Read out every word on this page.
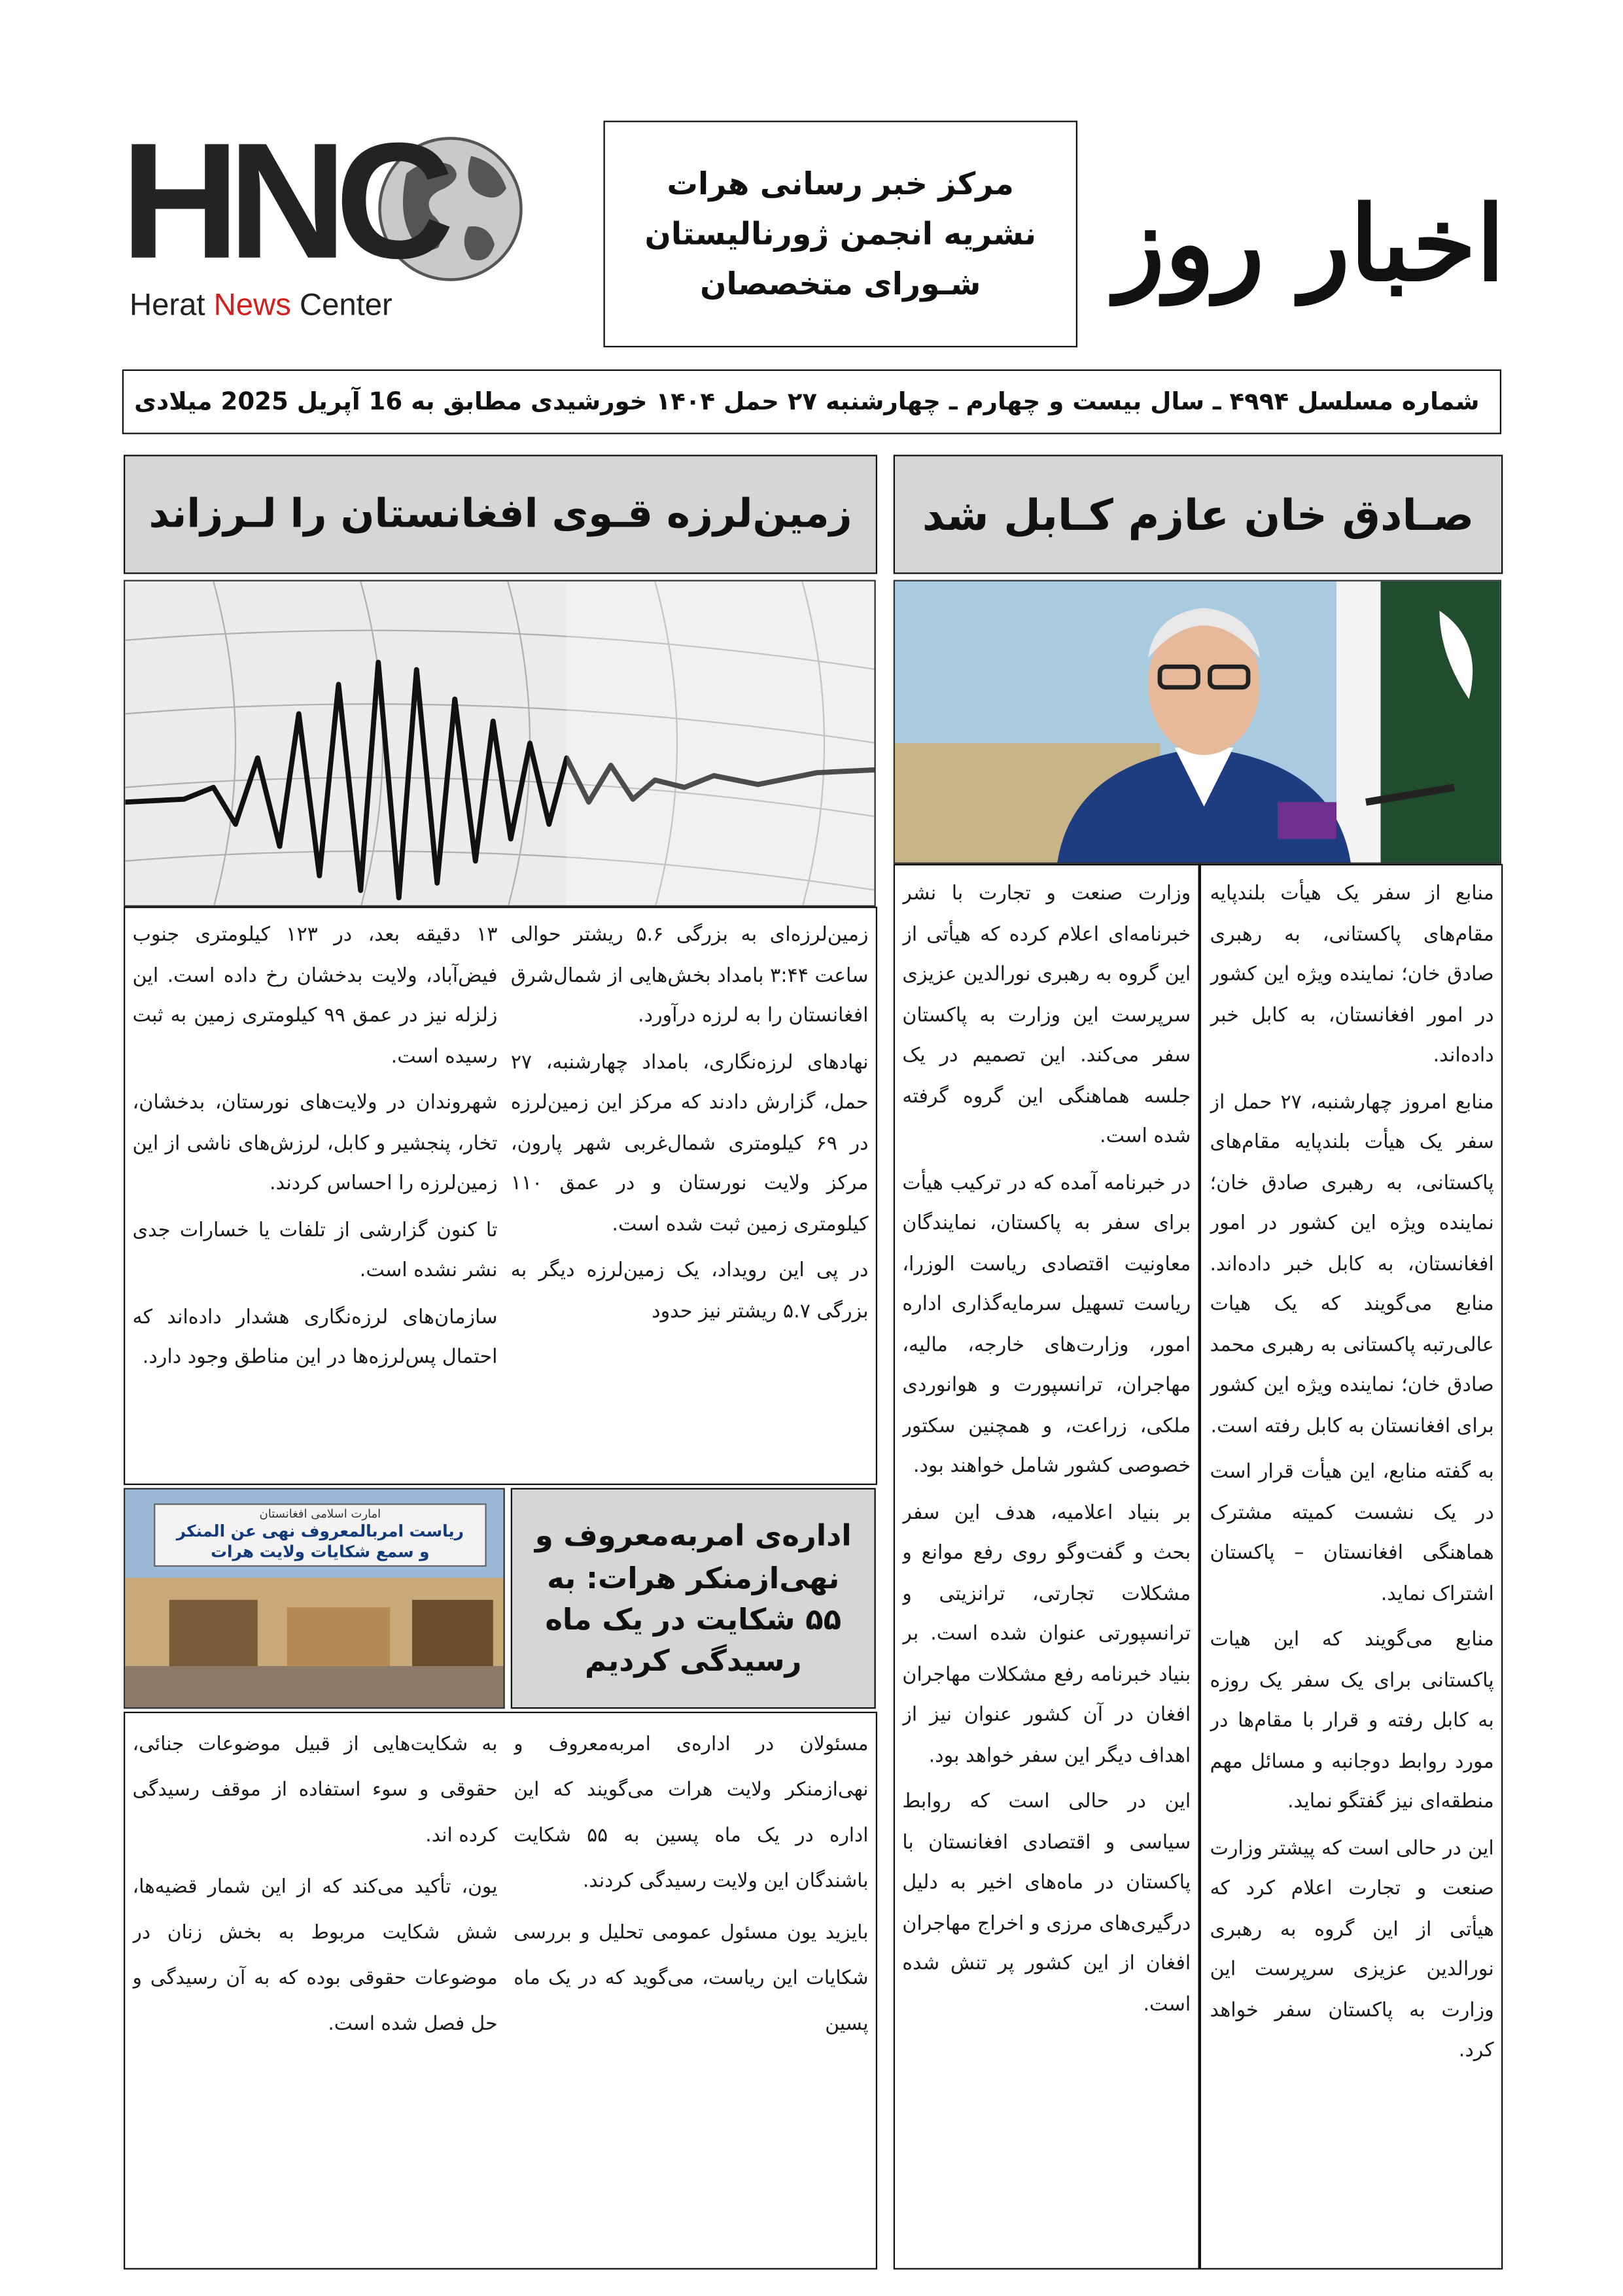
HNC
Herat News Center
مرکز خبر رسانی هرات
نشریه انجمن ژورنالیستان
شـورای متخصصان	اخبار روز
شماره مسلسل ۴۹۹۴ ـ سال بیست و چهارم ـ چهارشنبه ۲۷ حمل ۱۴۰۴ خورشیدی مطابق به 16 آپریل 2025 میلادی
صـادق خان عازم کـابل شد
زمین‌لرزه قـوی افغانستان را لـرزاند
امارت اسلامی افغانستان
ریاست امربالمعروف نهی عن المنکر
و سمع شکایات ولایت هرات	اداره‌ی امربه‌معروف و نهی‌ازمنکر هرات: به ۵۵ شکایت در یک ماه رسیدگی کردیم

منابع از سفر یک هیأت بلندپایه مقام‌های پاکستانی، به رهبری صادق خان؛ نماینده ویژه این کشور در امور افغانستان، به کابل خبر داده‌اند.

منابع امروز چهارشنبه، ۲۷ حمل از سفر یک هیأت بلندپایه مقام‌های پاکستانی، به رهبری صادق خان؛ نماینده ویژه این کشور در امور افغانستان، به کابل خبر داده‌اند. منابع می‌گویند که یک هیات عالی‌رتبه پاکستانی به رهبری محمد صادق خان؛ نماینده ویژه این کشور برای افغانستان به کابل رفته است.

به گفته منابع، این هیأت قرار است در یک نشست کمیته مشترک هماهنگی افغانستان – پاکستان اشتراک نماید.

منابع می‌گویند که این هیات پاکستانی برای یک سفر یک روزه به کابل رفته و قرار با مقام‌ها در مورد روابط دوجانبه و مسائل مهم منطقه‌ای نیز گفتگو نماید.

این در حالی است که پیشتر وزارت صنعت و تجارت اعلام کرد که هیأتی از این گروه به رهبری نورالدین عزیزی سرپرست این وزارت به پاکستان سفر خواهد کرد.

وزارت صنعت و تجارت با نشر خبرنامه‌ای اعلام کرده که هیأتی از این گروه به رهبری نورالدین عزیزی سرپرست این وزارت به پاکستان سفر می‌کند. این تصمیم در یک جلسه هماهنگی این گروه گرفته شده است.

در خبرنامه آمده که در ترکیب هیأت برای سفر به پاکستان، نمایندگان معاونیت اقتصادی ریاست الوزرا، ریاست تسهیل سرمایه‌گذاری اداره امور، وزارت‌های خارجه، مالیه، مهاجران، ترانسپورت و هوانوردی ملکی، زراعت، و همچنین سکتور خصوصی کشور شامل خواهند بود.

بر بنیاد اعلامیه، هدف این سفر بحث و گفت‌وگو روی رفع موانع و مشکلات تجارتی، ترانزیتی و ترانسپورتی عنوان شده است. بر بنیاد خبرنامه رفع مشکلات مهاجران افغان در آن کشور عنوان نیز از اهداف دیگر این سفر خواهد بود.

این در حالی است که روابط سیاسی و اقتصادی افغانستان با پاکستان در ماه‌های اخیر به دلیل درگیری‌های مرزی و اخراج مهاجران افغان از این کشور پر تنش شده است.

زمین‌لرزه‌ای به بزرگی ۵.۶ ریشتر حوالی ساعت ۳:۴۴ بامداد بخش‌هایی از شمال‌شرق افغانستان را به لرزه درآورد.

نهادهای لرزه‌نگاری، بامداد چهارشنبه، ۲۷ حمل، گزارش دادند که مرکز این زمین‌لرزه در ۶۹ کیلومتری شمال‌غربی شهر پارون، مرکز ولایت نورستان و در عمق ۱۱۰ کیلومتری زمین ثبت شده است.

در پی این رویداد، یک زمین‌لرزه دیگر به بزرگی ۵.۷ ریشتر نیز حدود

۱۳ دقیقه بعد، در ۱۲۳ کیلومتری جنوب فیض‌آباد، ولایت بدخشان رخ داده است. این زلزله نیز در عمق ۹۹ کیلومتری زمین به ثبت رسیده است.

شهروندان در ولایت‌های نورستان، بدخشان، تخار، پنجشیر و کابل، لرزش‌های ناشی از این زمین‌لرزه را احساس کردند.

تا کنون گزارشی از تلفات یا خسارات جدی نشر نشده است.

سازمان‌های لرزه‌نگاری هشدار داده‌اند که احتمال پس‌لرزه‌ها در این مناطق وجود دارد.

مسئولان در اداره‌ی امربه‌معروف و نهی‌ازمنکر ولایت هرات می‌گویند که این اداره در یک ماه پسین به ۵۵ شکایت باشندگان این ولایت رسیدگی کردند.

بایزید یون مسئول عمومی تحلیل و بررسی شکایات این ریاست، می‌گوید که در یک ماه پسین

به شکایت‌هایی از قبیل موضوعات جنائی، حقوقی و سوء استفاده از موقف رسیدگی کرده اند.

یون، تأکید می‌کند که از این شمار قضیه‌ها، شش شکایت مربوط به بخش زنان در موضوعات حقوقی بوده که به آن رسیدگی و حل فصل شده است.
